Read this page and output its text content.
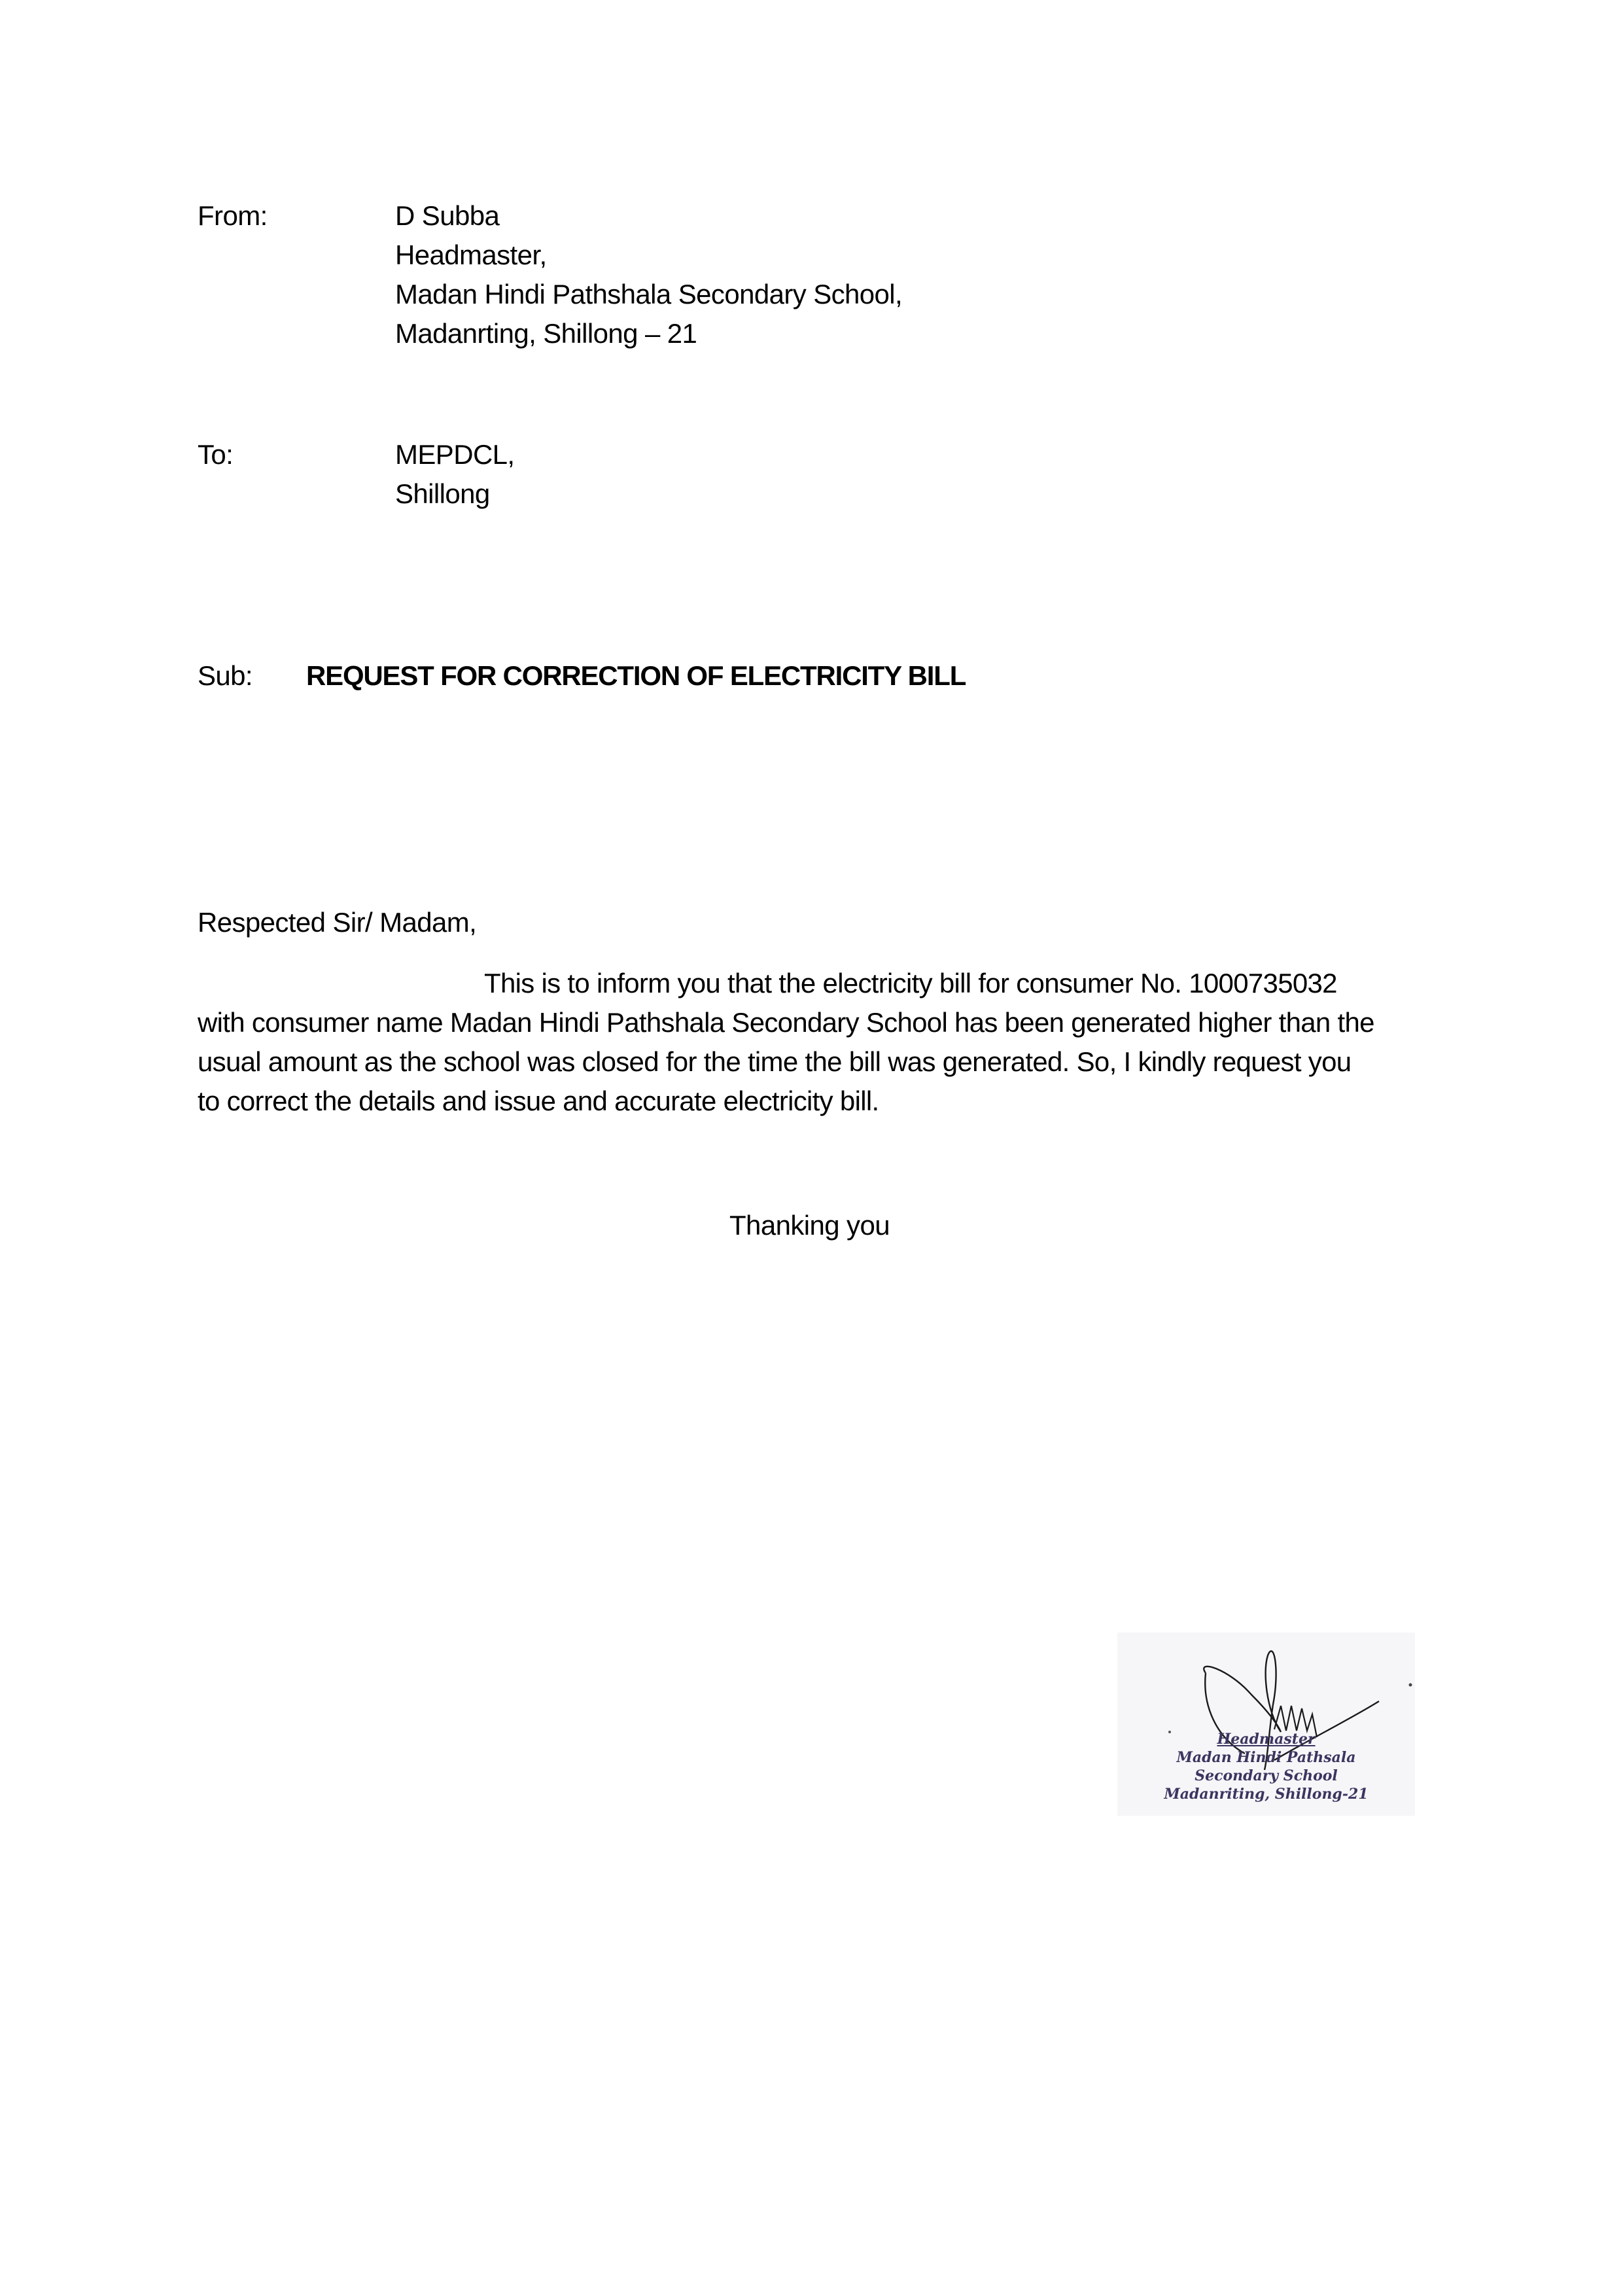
From:	D Subba
Headmaster,
Madan Hindi Pathshala Secondary School,
Madanrting, Shillong – 21
To:	MEPDCL,
Shillong
Sub: REQUEST FOR CORRECTION OF ELECTRICITY BILL
Respected Sir/ Madam,
This is to inform you that the electricity bill for consumer No. 1000735032
with consumer name Madan Hindi Pathshala Secondary School has been generated higher than the
usual amount as the school was closed for the time the bill was generated. So, I kindly request you
to correct the details and issue and accurate electricity bill.
Thanking you
Headmaster
Madan Hindi Pathsala
Secondary School
Madanriting, Shillong-21
